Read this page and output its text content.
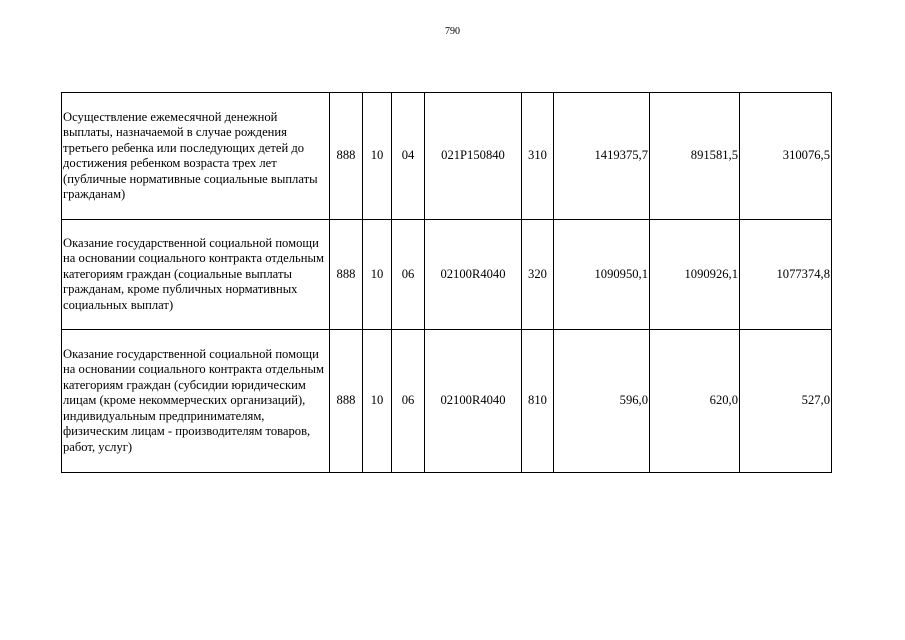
790
Осуществление ежемесячной денежной выплаты, назначаемой в случае рождения третьего ребенка или последующих детей до достижения ребенком возраста трех лет (публичные нормативные социальные выплаты гражданам)	888	10	04	021P150840	310	1419375,7	891581,5	310076,5
Оказание государственной социальной помощи на основании социального контракта отдельным категориям граждан (социальные выплаты гражданам, кроме публичных нормативных социальных выплат)	888	10	06	02100R4040	320	1090950,1	1090926,1	1077374,8
Оказание государственной социальной помощи на основании социального контракта отдельным категориям граждан (субсидии юридическим лицам (кроме некоммерческих организаций), индивидуальным предпринимателям, физическим лицам - производителям товаров, работ, услуг)	888	10	06	02100R4040	810	596,0	620,0	527,0
